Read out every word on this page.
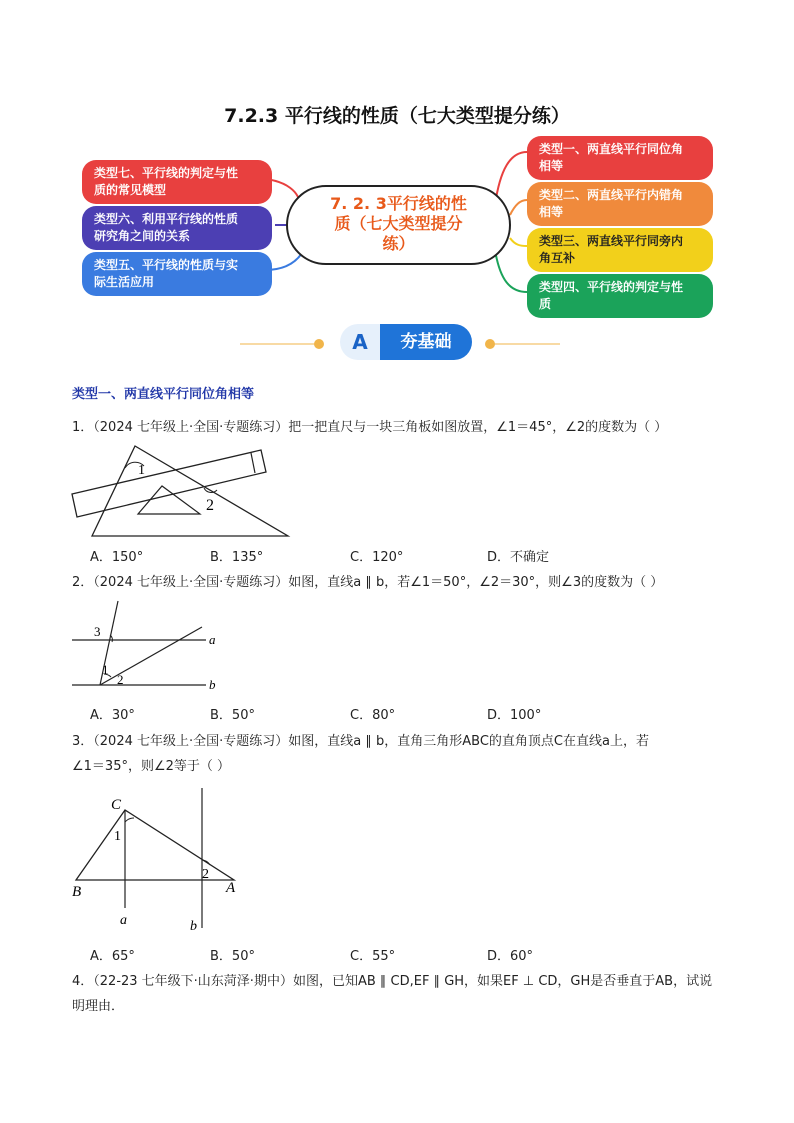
7.2.3 平行线的性质（七大类型提分练）
类型七、平行线的判定与性
质的常见模型
类型六、利用平行线的性质
研究角之间的关系
类型五、平行线的性质与实
际生活应用
7. 2. 3平行线的性
质（七大类型提分
练）
类型一、两直线平行同位角
相等
类型二、两直线平行内错角
相等
类型三、两直线平行同旁内
角互补
类型四、平行线的判定与性
质
A	夯基础
类型一、两直线平行同位角相等
1．（2024 七年级上·全国·专题练习）把一把直尺与一块三角板如图放置，∠1＝45°，∠2的度数为（ ）
1
2
A．150°	B．135°	C．120°	D．不确定
2．（2024 七年级上·全国·专题练习）如图，直线a ∥ b，若∠1＝50°，∠2＝30°，则∠3的度数为（ ）
3
1
2
a
b
A．30°	B．50°	C．80°	D．100°
3．（2024 七年级上·全国·专题练习）如图，直线a ∥ b，直角三角形ABC的直角顶点C在直线a上，若
∠1＝35°，则∠2等于（ ）
C
1
2
B	A
a	b
A．65°	B．50°	C．55°	D．60°
4．（22-23 七年级下·山东菏泽·期中）如图，已知AB ∥ CD,EF ∥ GH，如果EF ⊥ CD，GH是否垂直于AB，试说
明理由．
